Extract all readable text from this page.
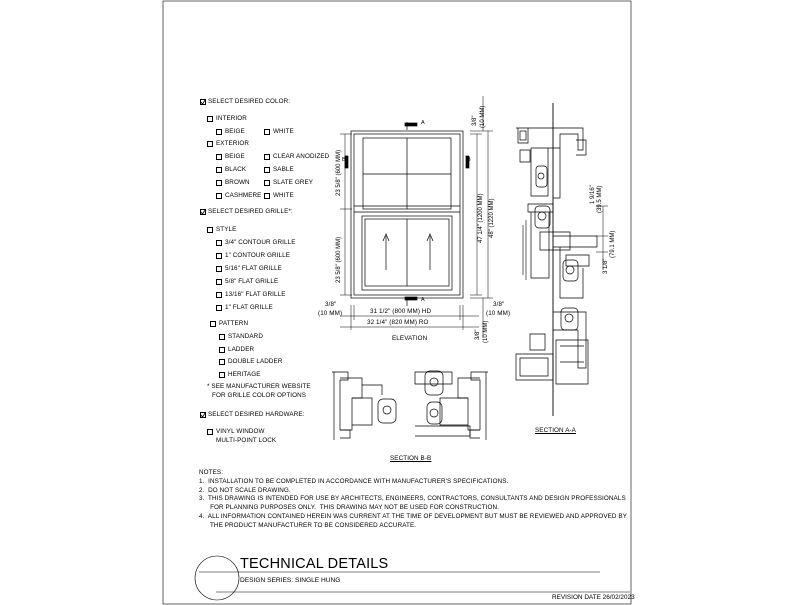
SELECT DESIRED COLOR:
INTERIOR
BEIGE	WHITE
EXTERIOR
BEIGE	CLEAR ANODIZED
BLACK	SABLE
BROWN	SLATE GREY
CASHMERE WHITE
SELECT DESIRED GRILLE*:
STYLE
3/4" CONTOUR GRILLE
1" CONTOUR GRILLE
5/16" FLAT GRILLE
5/8" FLAT GRILLE
13/16" FLAT GRILLE
1" FLAT GRILLE
PATTERN
STANDARD
LADDER
DOUBLE LADDER
HERITAGE
* SEE MANUFACTURER WEBSITE
FOR GRILLE COLOR OPTIONS
SELECT DESIRED HARDWARE:
VINYL WINDOW
MULTI-POINT LOCK
A
A
B	B
3/8" (10 MM)
23 5/8" (600 MM)
23 5/8" (600 MM)
47 1/4" (1200 MM) 48" (1220 MM)
3/8"
(10 MM)
3/8"
(10 MM)
31 1/2" (800 MM) HD
32 1/4" (820 MM) RO
3/8" (10 MM)
ELEVATION
1 9/16" (39.5 MM)
3 1/8"
(79.1 MM)
SECTION A-A
SECTION B-B
NOTES:
1.  INSTALLATION TO BE COMPLETED IN ACCORDANCE WITH MANUFACTURER'S SPECIFICATIONS.
2.  DO NOT SCALE DRAWING.
3.  THIS DRAWING IS INTENDED FOR USE BY ARCHITECTS, ENGINEERS, CONTRACTORS, CONSULTANTS AND DESIGN PROFESSIONALS
FOR PLANNING PURPOSES ONLY.  THIS DRAWING MAY NOT BE USED FOR CONSTRUCTION.
4.  ALL INFORMATION CONTAINED HEREIN WAS CURRENT AT THE TIME OF DEVELOPMENT BUT MUST BE REVIEWED AND APPROVED BY
THE PRODUCT MANUFACTURER TO BE CONSIDERED ACCURATE.
TECHNICAL DETAILS
DESIGN SERIES: SINGLE HUNG
REVISION DATE 26/02/2023
